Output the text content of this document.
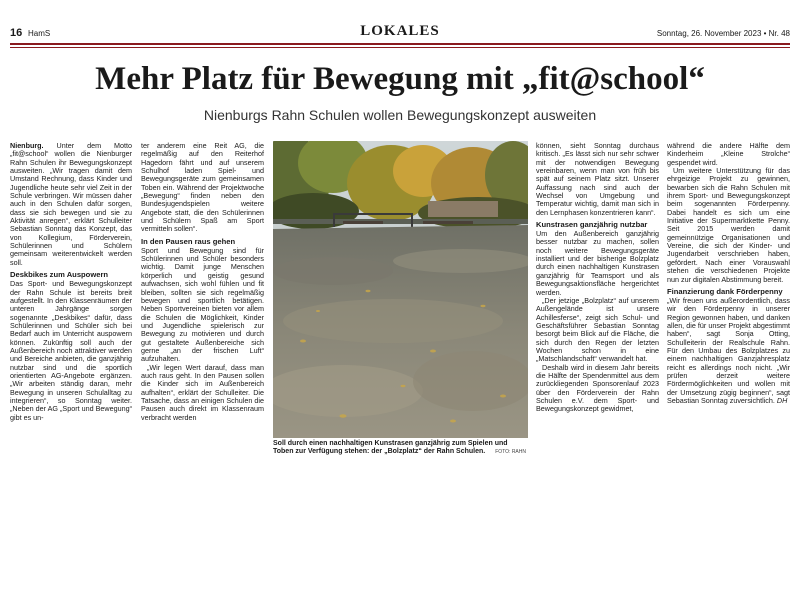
16 HamS	LOKALES	Sonntag, 26. November 2023 • Nr. 48
Mehr Platz für Bewegung mit „fit@school“
Nienburgs Rahn Schulen wollen Bewegungskonzept ausweiten

Nienburg. Unter dem Motto „fit@school“ wollen die Nienburger Rahn Schulen ihr Bewegungskonzept ausweiten. „Wir tragen damit dem Umstand Rechnung, dass Kinder und Jugendliche heute sehr viel Zeit in der Schule verbringen. Wir müssen daher auch in den Schulen dafür sorgen, dass sie sich bewegen und sie zu Aktivität anregen“, erklärt Schulleiter Sebastian Sonntag das Konzept, das von Kollegium, Förderverein, Schülerinnen und Schülern gemeinsam weiterentwickelt werden soll.

Deskbikes zum Auspowern

Das Sport- und Bewegungskonzept der Rahn Schule ist bereits breit aufgestellt. In den Klassenräumen der unteren Jahrgänge sorgen sogenannte „Deskbikes“ dafür, dass Schülerinnen und Schüler sich bei Bedarf auch im Unterricht auspowern können. Zukünftig soll auch der Außenbereich noch attraktiver werden und Bereiche anbieten, die ganzjährig nutzbar sind und die sportlich orientierten AG-Angebote ergänzen. „Wir arbeiten ständig daran, mehr Bewegung in unseren Schulalltag zu integrieren“, so Sonntag weiter. „Neben der AG „Sport und Bewegung“ gibt es un-

ter anderem eine Reit AG, die regelmäßig auf den Reiterhof Hagedorn fährt und auf unserem Schulhof laden Spiel- und Bewegungsgeräte zum gemeinsamen Toben ein. Während der Projektwoche „Bewegung“ finden neben den Bundesjugendspielen weitere Angebote statt, die den Schülerinnen und Schülern Spaß am Sport vermitteln sollen“.

In den Pausen raus gehen

Sport und Bewegung sind für Schülerinnen und Schüler besonders wichtig. Damit junge Menschen körperlich und geistig gesund aufwachsen, sich wohl fühlen und fit bleiben, sollten sie sich regelmäßig bewegen und sportlich betätigen. Neben Sportvereinen bieten vor allem die Schulen die Möglichkeit, Kinder und Jugendliche spielerisch zur Bewegung zu motivieren und durch gut gestaltete Außenbereiche sich gerne „an der frischen Luft“ aufzuhalten.

„Wir legen Wert darauf, dass man auch raus geht. In den Pausen sollen die Kinder sich im Außenbereich aufhalten“, erklärt der Schulleiter. Die Tatsache, dass an einigen Schulen die Pausen auch direkt im Klassenraum verbracht werden

Soll durch einen nachhaltigen Kunstrasen ganzjährig zum Spielen und Toben zur Verfügung stehen: der „Bolzplatz“ der Rahn Schulen. FOTO: RAHN

können, sieht Sonntag durchaus kritisch. „Es lässt sich nur sehr schwer mit der notwendigen Bewegung vereinbaren, wenn man von früh bis spät auf seinem Platz sitzt. Unserer Auffassung nach sind auch der Wechsel von Umgebung und Temperatur wichtig, damit man sich in den Lernphasen konzentrieren kann“.

Kunstrasen ganzjährig nutzbar

Um den Außenbereich ganzjährig besser nutzbar zu machen, sollen noch weitere Bewegungsgeräte installiert und der bisherige Bolzplatz durch einen nachhaltigen Kunstrasen ganzjährig für Teamsport und als Bewegungsaktionsfläche hergerichtet werden.

„Der jetzige „Bolzplatz“ auf unserem Außengelände ist unsere Achillesferse“, zeigt sich Schul- und Geschäftsführer Sebastian Sonntag besorgt beim Blick auf die Fläche, die sich durch den Regen der letzten Wochen schon in eine „Matschlandschaft“ verwandelt hat.

Deshalb wird in diesem Jahr bereits die Hälfte der Spendenmittel aus dem zurückliegenden Sponsorenlauf 2023 über den Förderverein der Rahn Schulen e.V. dem Sport- und Bewegungskonzept gewidmet,

während die andere Hälfte dem Kinderheim „Kleine Strolche“ gespendet wird.

Um weitere Unterstützung für das ehrgeizige Projekt zu gewinnen, bewarben sich die Rahn Schulen mit ihrem Sport- und Bewegungskonzept beim sogenannten Förderpenny. Dabei handelt es sich um eine Initiative der Supermarktkette Penny. Seit 2015 werden damit gemeinnützige Organisationen und Vereine, die sich der Kinder- und Jugendarbeit verschrieben haben, gefördert. Nach einer Vorauswahl stehen die verschiedenen Projekte nun zur digitalen Abstimmung bereit.

Finanzierung dank Förderpenny

„Wir freuen uns außerordentlich, dass wir den Förderpenny in unserer Region gewonnen haben, und danken allen, die für unser Projekt abgestimmt haben“, sagt Sonja Otting, Schulleiterin der Realschule Rahn. Für den Umbau des Bolzplatzes zu einem nachhaltigen Ganzjahresplatz reicht es allerdings noch nicht. „Wir prüfen derzeit weitere Fördermöglichkeiten und wollen mit der Umsetzung zügig beginnen“, sagt Sebastian Sonntag zuversichtlich. DH
